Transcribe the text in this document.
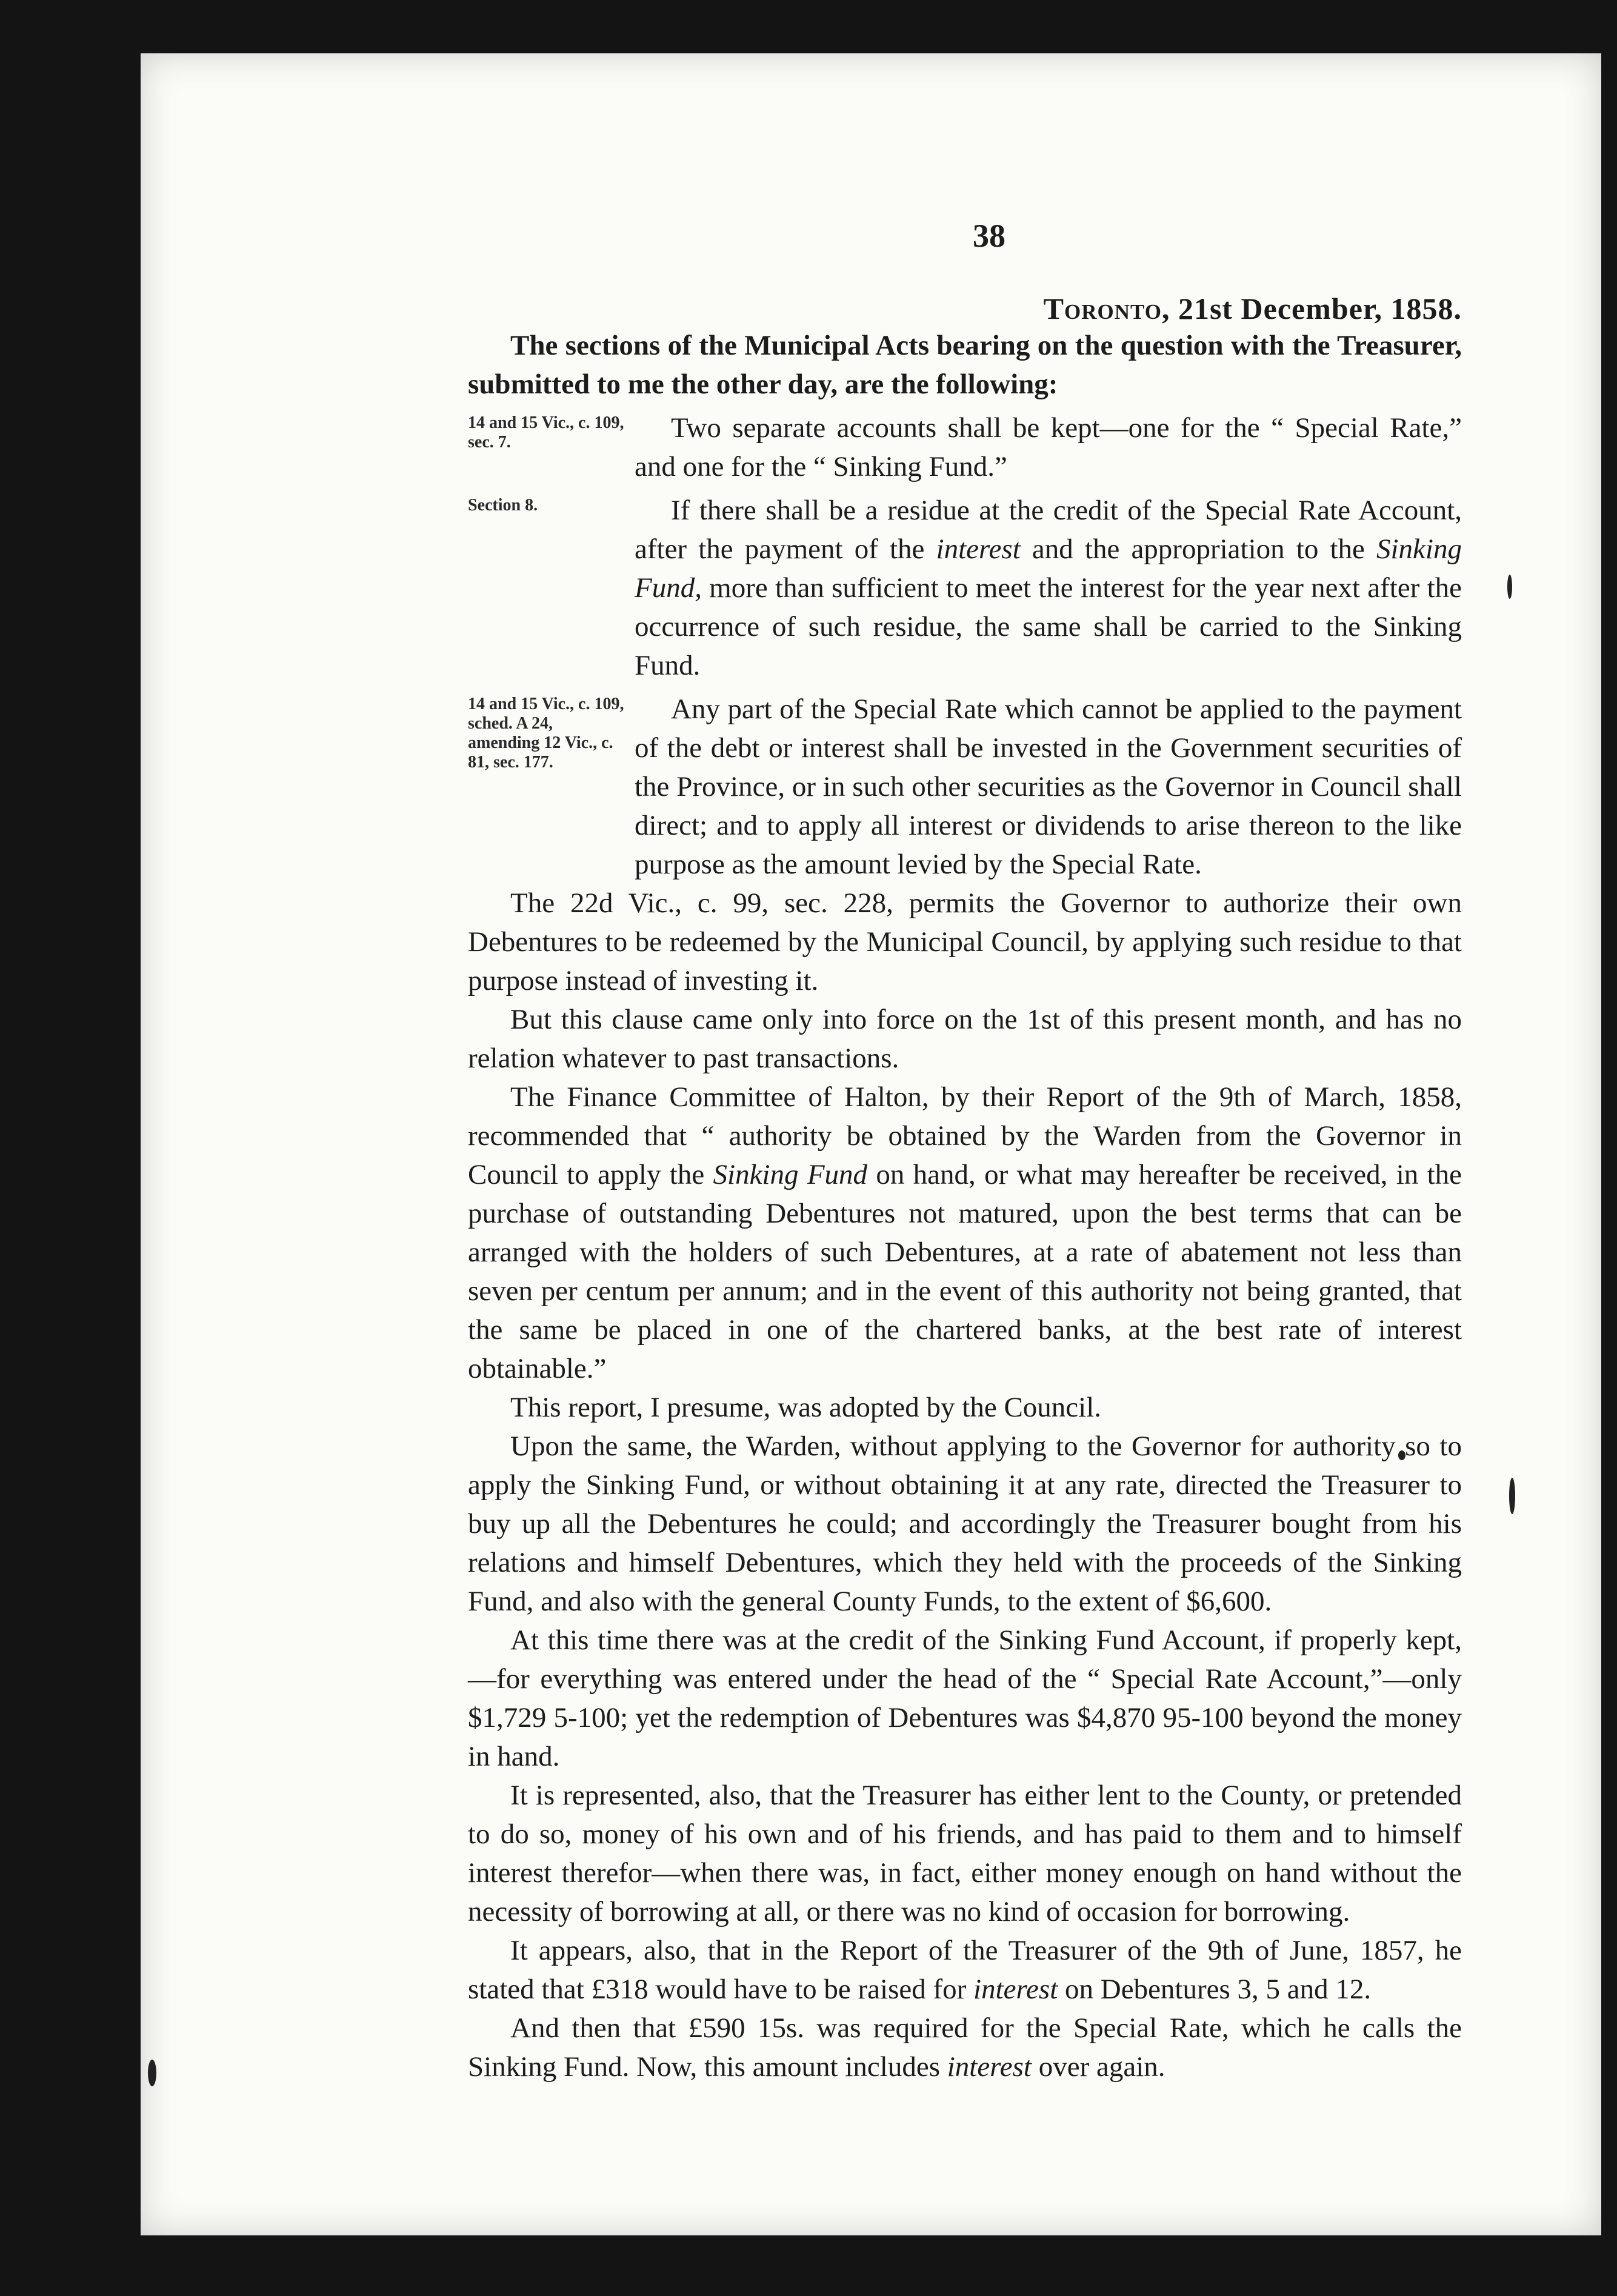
38
Toronto, 21st December, 1858.

The sections of the Municipal Acts bearing on the question with the Treasurer, submitted to me the other day, are the following:

14 and 15 Vic., c. 109, sec. 7.	Two separate accounts shall be kept—one for the “ Special Rate,” and one for the “ Sinking Fund.”

Section 8.	If there shall be a residue at the credit of the Special Rate Account, after the payment of the interest and the appropriation to the Sinking Fund, more than sufficient to meet the interest for the year next after the occurrence of such residue, the same shall be carried to the Sinking Fund.

14 and 15 Vic., c. 109, sched. A 24, amending 12 Vic., c. 81, sec. 177.

Any part of the Special Rate which cannot be applied to the payment of the debt or interest shall be invested in the Government securities of the Province, or in such other securities as the Governor in Council shall direct; and to apply all interest or dividends to arise thereon to the like purpose as the amount levied by the Special Rate.

The 22d Vic., c. 99, sec. 228, permits the Governor to authorize their own Debentures to be redeemed by the Municipal Council, by applying such residue to that purpose instead of investing it.

But this clause came only into force on the 1st of this present month, and has no relation whatever to past transactions.

The Finance Committee of Halton, by their Report of the 9th of March, 1858, recommended that “ authority be obtained by the Warden from the Governor in Council to apply the Sinking Fund on hand, or what may hereafter be received, in the purchase of outstanding Debentures not matured, upon the best terms that can be arranged with the holders of such Debentures, at a rate of abatement not less than seven per centum per annum; and in the event of this authority not being granted, that the same be placed in one of the chartered banks, at the best rate of interest obtainable.”

This report, I presume, was adopted by the Council.

Upon the same, the Warden, without applying to the Governor for authority so to apply the Sinking Fund, or without obtaining it at any rate, directed the Treasurer to buy up all the Debentures he could; and accordingly the Treasurer bought from his relations and himself Debentures, which they held with the proceeds of the Sinking Fund, and also with the general County Funds, to the extent of $6,600.

At this time there was at the credit of the Sinking Fund Account, if properly kept,—for everything was entered under the head of the “ Special Rate Account,”—only $1,729 5-100; yet the redemption of Debentures was $4,870 95-100 beyond the money in hand.

It is represented, also, that the Treasurer has either lent to the County, or pretended to do so, money of his own and of his friends, and has paid to them and to himself interest therefor—when there was, in fact, either money enough on hand without the necessity of borrowing at all, or there was no kind of occasion for borrowing.

It appears, also, that in the Report of the Treasurer of the 9th of June, 1857, he stated that £318 would have to be raised for interest on Debentures 3, 5 and 12.

And then that £590 15s. was required for the Special Rate, which he calls the Sinking Fund. Now, this amount includes interest over again.
